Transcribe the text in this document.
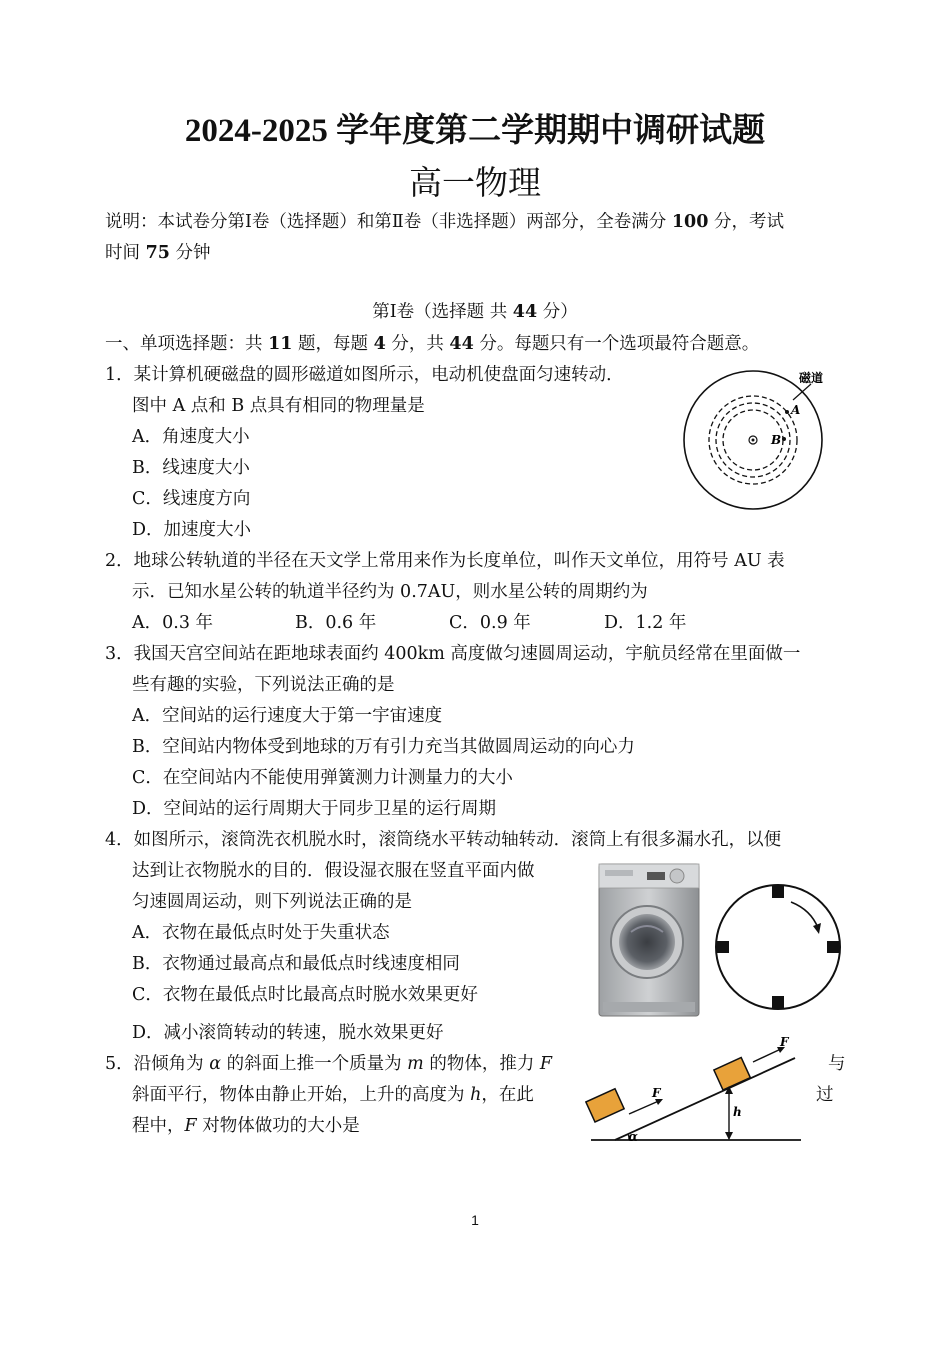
2024-2025 学年度第二学期期中调研试题
高一物理
说明：本试卷分第Ⅰ卷（选择题）和第Ⅱ卷（非选择题）两部分，全卷满分 100 分，考试
时间 75 分钟
第Ⅰ卷（选择题 共 44 分）
一、单项选择题：共 11 题，每题 4 分，共 44 分。每题只有一个选项最符合题意。
1．某计算机硬磁盘的圆形磁道如图所示，电动机使盘面匀速转动．
图中 A 点和 B 点具有相同的物理量是
A．角速度大小
B．线速度大小
C．线速度方向
D．加速度大小
磁道
A
B
2．地球公转轨道的半径在天文学上常用来作为长度单位，叫作天文单位，用符号 AU 表
示．已知水星公转的轨道半径约为 0.7AU，则水星公转的周期约为
A．0.3 年	B．0.6 年	C．0.9 年	D．1.2 年
3．我国天宫空间站在距地球表面约 400km 高度做匀速圆周运动，宇航员经常在里面做一
些有趣的实验，下列说法正确的是
A．空间站的运行速度大于第一宇宙速度
B．空间站内物体受到地球的万有引力充当其做圆周运动的向心力
C．在空间站内不能使用弹簧测力计测量力的大小
D．空间站的运行周期大于同步卫星的运行周期
4．如图所示，滚筒洗衣机脱水时，滚筒绕水平转动轴转动．滚筒上有很多漏水孔，以便
达到让衣物脱水的目的．假设湿衣服在竖直平面内做
匀速圆周运动，则下列说法正确的是
A．衣物在最低点时处于失重状态
B．衣物通过最高点和最低点时线速度相同
C．衣物在最低点时比最高点时脱水效果更好
D．减小滚筒转动的转速，脱水效果更好
5．沿倾角为 α 的斜面上推一个质量为 m 的物体，推力 F	与
斜面平行，物体由静止开始，上升的高度为 h，在此	过
程中，F 对物体做功的大小是
α
F
F
h
1
